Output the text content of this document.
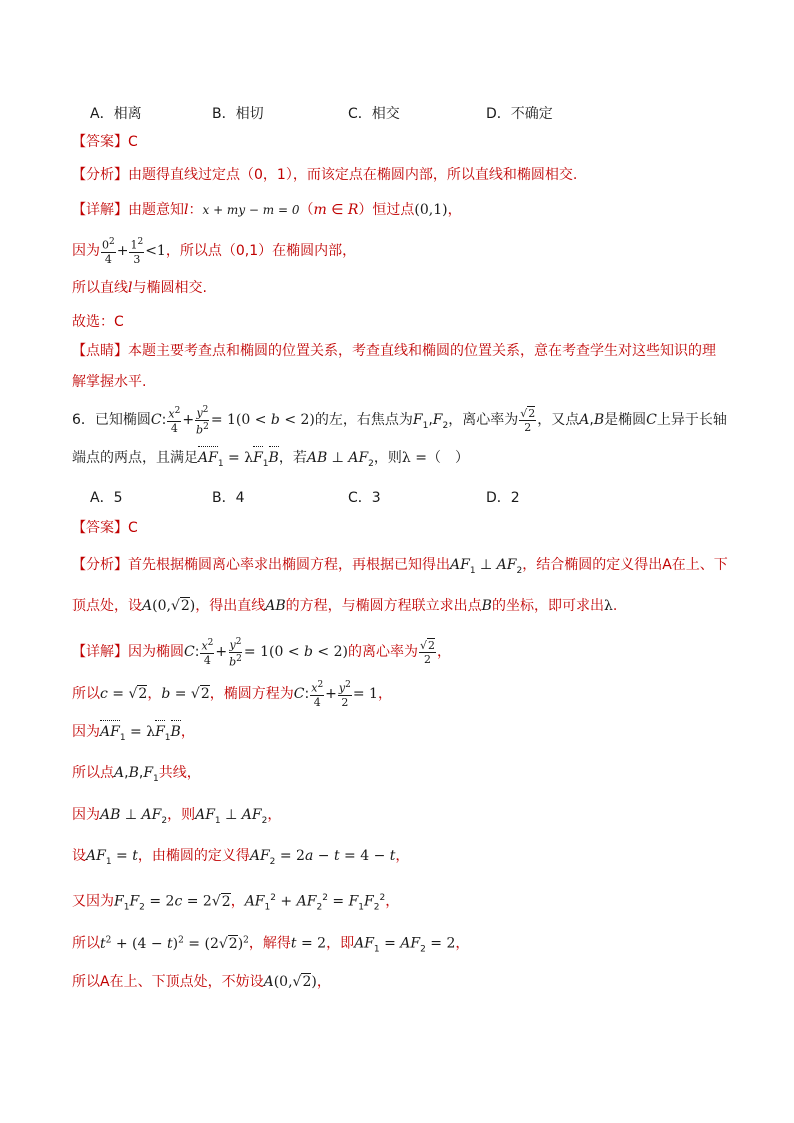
A．相离	B．相切	C．相交	D．不确定
【答案】C
【分析】由题得直线过定点（0，1），而该定点在椭圆内部，所以直线和椭圆相交.
【详解】由题意知l：x + my − m = 0（m ∈ R）恒过点(0,1)，
因为 $\frac{0^2}{4} + \frac{1^2}{3} <1$，所以点（0,1）在椭圆内部，
所以直线l与椭圆相交.
故选：C
【点睛】本题主要考查点和椭圆的位置关系，考查直线和椭圆的位置关系，意在考查学生对这些知识的理
解掌握水平.
6．已知椭圆C: $\frac{x^2}{4} + \frac{y^2}{b^2} = 1(0 < b < 2)$的左，右焦点为$F_1,F_2$，离心率为 $\frac{√2}{2}$ ，又点A,B是椭圆C上异于长轴
端点的两点，且满足$AF_1 = \lambda F_1B$，若AB ⊥ $AF_2$，则λ =（　）
A．5	B．4	C．3	D．2
【答案】C
【分析】首先根据椭圆离心率求出椭圆方程，再根据已知得出$AF_1$ ⊥ $AF_2$，结合椭圆的定义得出A在上、下
顶点处，设A(0,√2)，得出直线AB的方程，与椭圆方程联立求出点B的坐标，即可求出λ.
【详解】因为椭圆C: $\frac{x^2}{4} + \frac{y^2}{b^2} = 1(0 < b < 2)$的离心率为 $\frac{√2}{2}$ ，
所以c = √2，b = √2，椭圆方程为C: $\frac{x^2}{4} + \frac{y^2}{2} = 1$，
因为$AF_1 = \lambda F_1B$，
所以点$A,B,F_1$共线，
因为AB ⊥ $AF_2$，则$AF_1$ ⊥ $AF_2$，
设$AF_1 = t$，由椭圆的定义得$AF_2 = 2a - t = 4 - t$，
又因为$F_1F_2 = 2c = 2√2$，$AF_1^2 + AF_2^2 = F_1F_2^2$，
所以$t^2 + (4 - t)^2 = (2√2)^2$，解得t = 2，即$AF_1 = AF_2 = 2$，
所以A在上、下顶点处，不妨设A(0,√2)，
